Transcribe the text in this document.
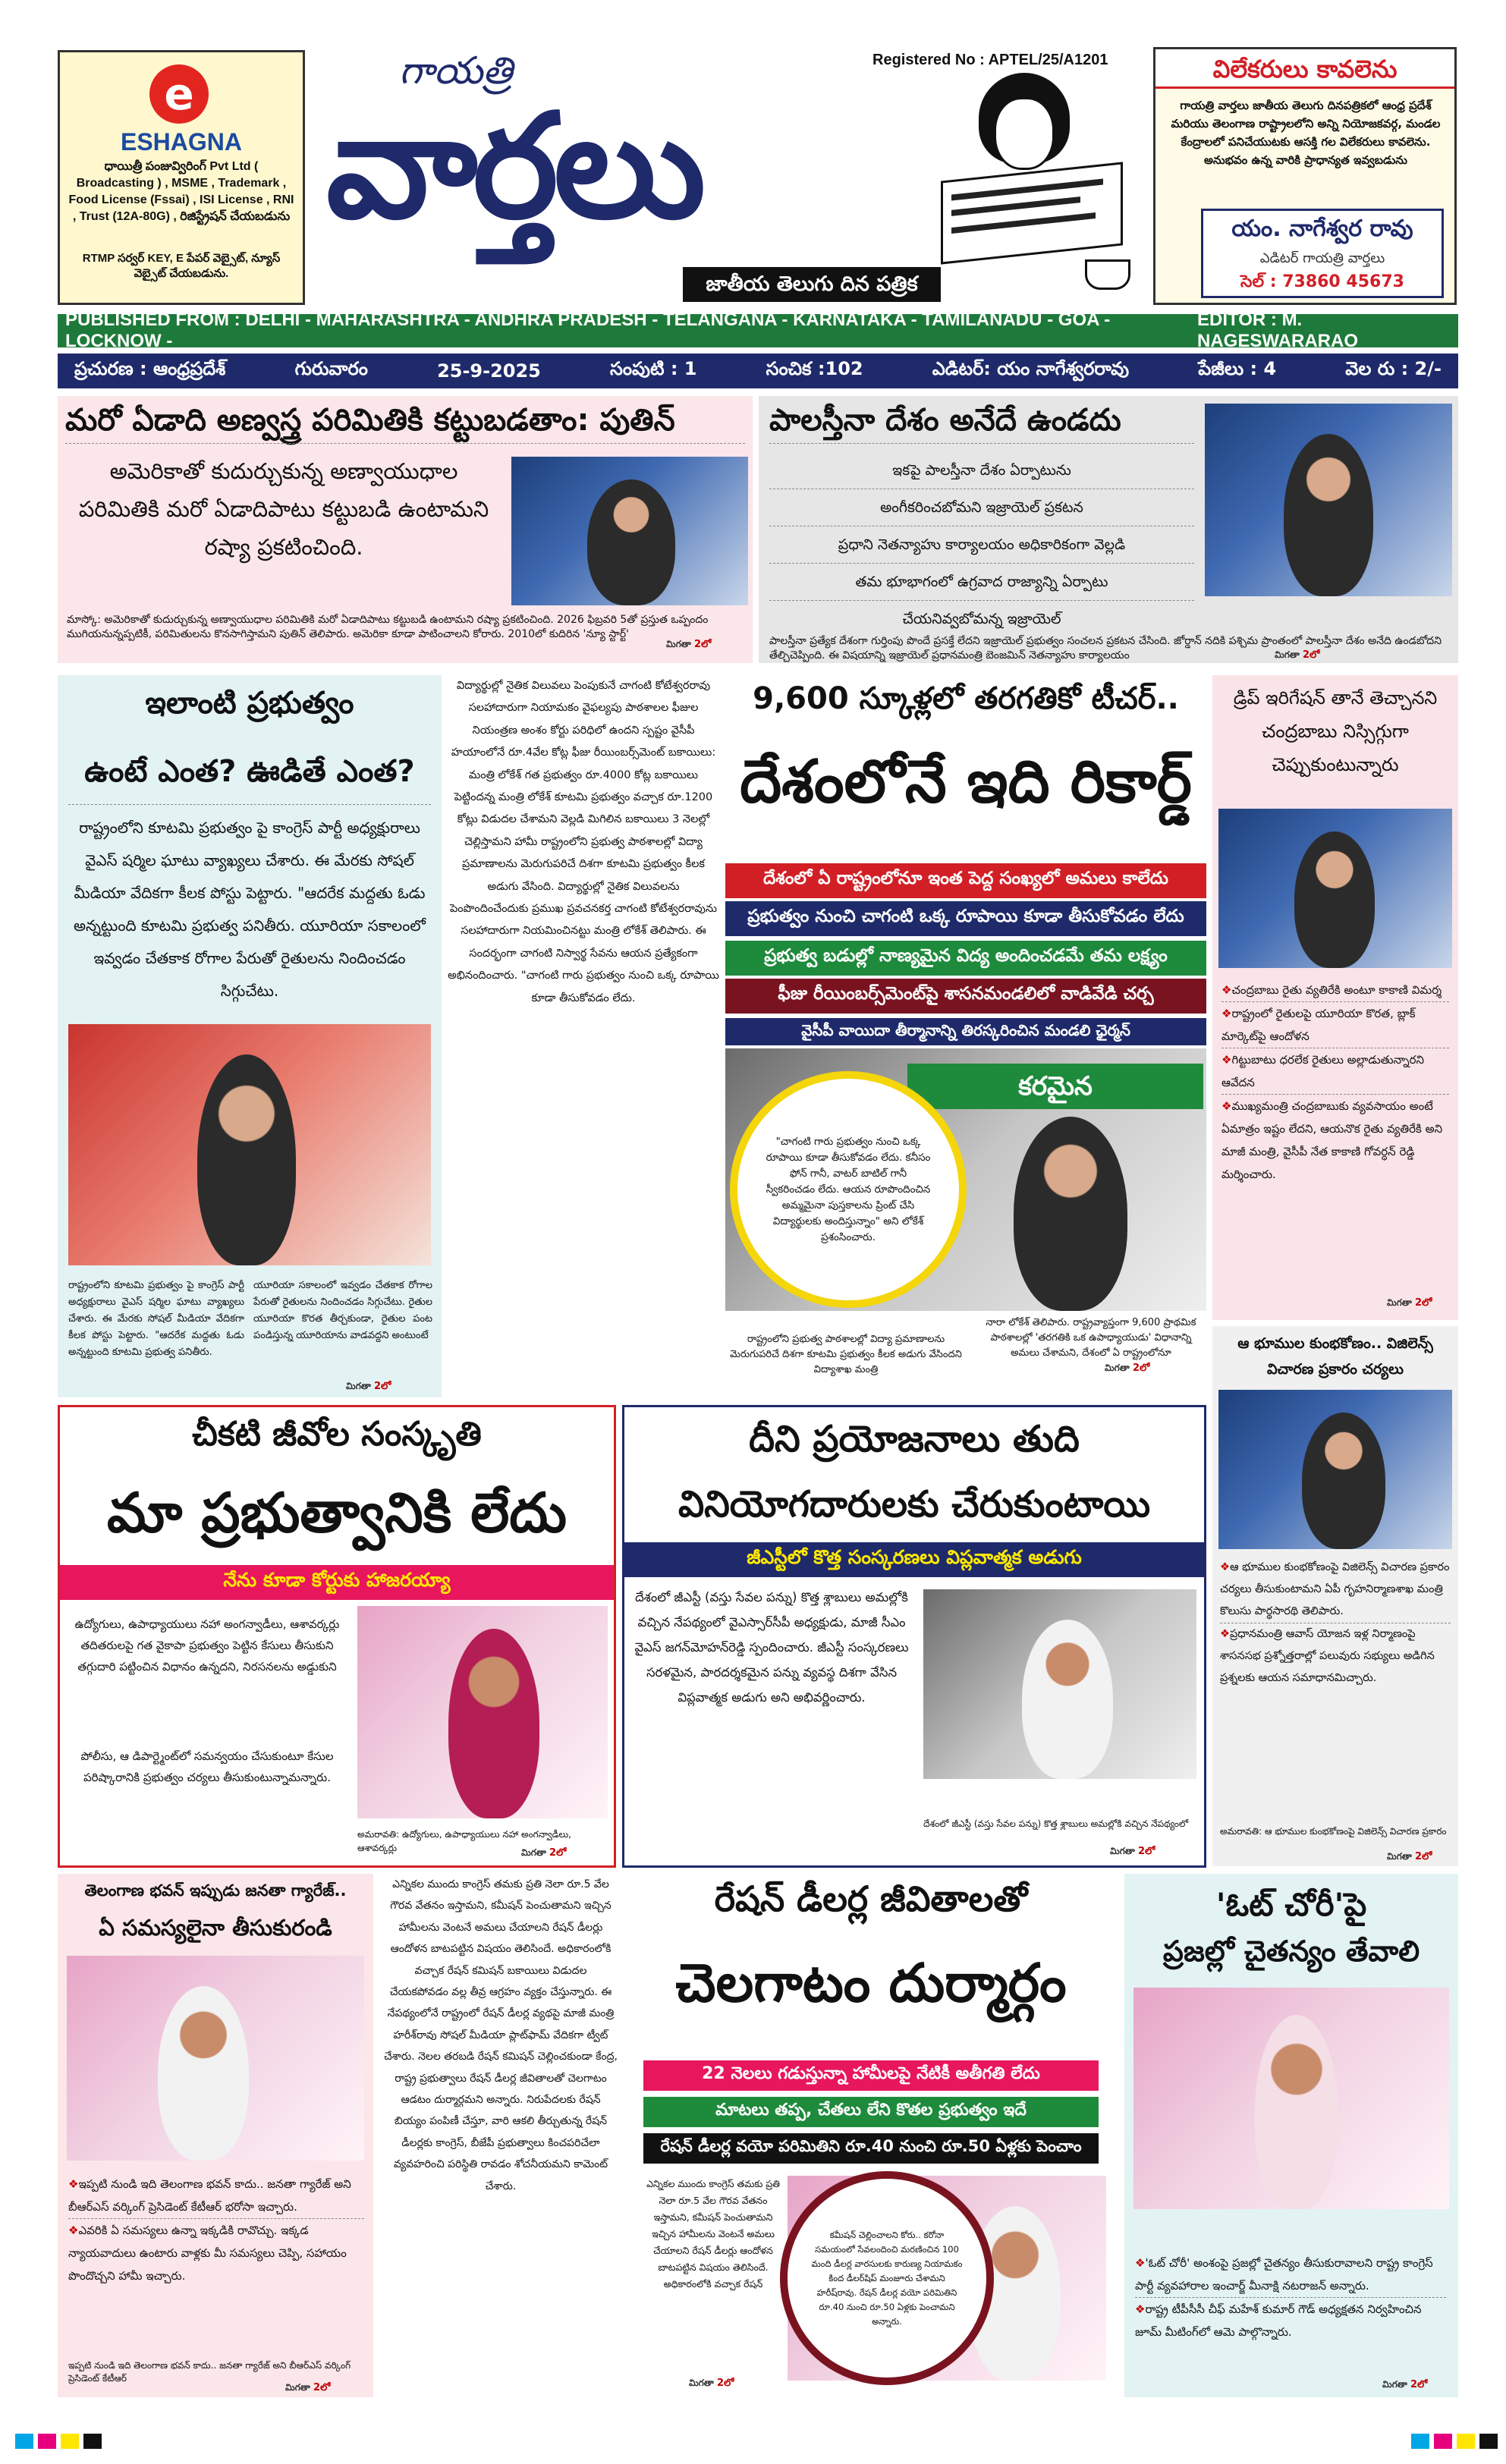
e
ESHAGNA
ధాయిత్రీ పంజువ్విరింగ్ Pvt Ltd ( Broadcasting ) , MSME , Trademark , Food License (Fssai) , ISI License , RNI , Trust (12A-80G) , రిజిస్ట్రేషన్ చేయబడును
RTMP సర్వర్ KEY, E పేపర్ వెబ్సైట్, న్యూస్ వెబ్సైట్ చేయబడును.
గాయత్రి
వార్తలు
Registered No : APTEL/25/A1201
జాతీయ తెలుగు దిన పత్రిక
విలేకరులు కావలెను
గాయత్రి వార్తలు జాతీయ తెలుగు దినపత్రికలో ఆంధ్ర ప్రదేశ్ మరియు తెలంగాణ రాష్ట్రాలలోని అన్ని నియోజకవర్గ, మండల కేంద్రాలలో పనిచేయుటకు ఆసక్తి గల విలేకరులు కావలెను. అనుభవం ఉన్న వారికి ప్రాధాన్యత ఇవ్వబడును
యం. నాగేశ్వర రావు
ఎడిటర్ గాయత్రి వార్తలు
సెల్ : 73860 45673
PUBLISHED FROM : DELHI - MAHARASHTRA - ANDHRA PRADESH - TELANGANA - KARNATAKA - TAMILANADU - GOA - LOCKNOW -
EDITOR : M. NAGESWARARAO
ప్రచురణ : ఆంధ్రప్రదేశ్	గురువారం	25-9-2025	సంపుటి : 1	సంచిక :102	ఎడిటర్: యం నాగేశ్వరరావు	పేజీలు : 4	వెల రు : 2/-
మరో ఏడాది అణ్వస్త్ర పరిమితికి కట్టుబడతాం: పుతిన్
అమెరికాతో కుదుర్చుకున్న అణ్వాయుధాల పరిమితికి మరో ఏడాదిపాటు కట్టుబడి ఉంటామని రష్యా ప్రకటించింది.
మాస్కో: అమెరికాతో కుదుర్చుకున్న అణ్వాయుధాల పరిమితికి మరో ఏడాదిపాటు కట్టుబడి ఉంటామని రష్యా ప్రకటించింది. 2026 ఫిబ్రవరి 5తో ప్రస్తుత ఒప్పందం ముగియనున్నప్పటికీ, పరిమితులను కొనసాగిస్తామని పుతిన్ తెలిపారు. అమెరికా కూడా పాటించాలని కోరారు. 2010లో కుదిరిన 'న్యూ స్టార్ట్'
మిగతా 2లో
పాలస్తీనా దేశం అనేదే ఉండదు
ఇకపై పాలస్తీనా దేశం ఏర్పాటును
అంగీకరించబోమని ఇజ్రాయెల్ ప్రకటన
ప్రధాని నెతన్యాహు కార్యాలయం అధికారికంగా వెల్లడి
తమ భూభాగంలో ఉగ్రవాద రాజ్యాన్ని ఏర్పాటు
చేయనివ్వబోమన్న ఇజ్రాయెల్
పాలస్తీనా ప్రత్యేక దేశంగా గుర్తింపు పొందే ప్రసక్తే లేదని ఇజ్రాయెల్ ప్రభుత్వం సంచలన ప్రకటన చేసింది. జోర్డాన్ నదికి పశ్చిమ ప్రాంతంలో పాలస్తీనా దేశం అనేది ఉండబోదని తేల్చిచెప్పింది. ఈ విషయాన్ని ఇజ్రాయెల్ ప్రధానమంత్రి బెంజమిన్ నెతన్యాహు కార్యాలయం	మిగతా 2లో
ఇలాంటి ప్రభుత్వం
ఉంటే ఎంత? ఊడితే ఎంత?
రాష్ట్రంలోని కూటమి ప్రభుత్వం పై కాంగ్రెస్ పార్టీ అధ్యక్షురాలు వైఎస్ షర్మిల ఘాటు వ్యాఖ్యలు చేశారు. ఈ మేరకు సోషల్ మీడియా వేదికగా కీలక పోస్టు పెట్టారు. "ఆదరేక మద్దతు ఓడు అన్నట్టుంది కూటమి ప్రభుత్వ పనితీరు. యూరియా సకాలంలో ఇవ్వడం చేతకాక రోగాల పేరుతో రైతులను నిందించడం సిగ్గుచేటు.
రాష్ట్రంలోని కూటమి ప్రభుత్వం పై కాంగ్రెస్ పార్టీ అధ్యక్షురాలు వైఎస్ షర్మిల ఘాటు వ్యాఖ్యలు చేశారు. ఈ మేరకు సోషల్ మీడియా వేదికగా కీలక పోస్టు పెట్టారు. "ఆదరేక మద్దతు ఓడు అన్నట్టుంది కూటమి ప్రభుత్వ పనితీరు.
యూరియా సకాలంలో ఇవ్వడం చేతకాక రోగాల పేరుతో రైతులను నిందించడం సిగ్గుచేటు. రైతుల యూరియా కొరత తీర్చకుండా, రైతుల పంట పండిస్తున్న యూరియాను వాడవద్దని అంటుంటే
మిగతా 2లో
విద్యార్థుల్లో నైతిక విలువలు పెంపుకునే చాగంటి కోటేశ్వరరావు సలహాదారుగా నియామకం వైఫల్యపు పాఠశాలల ఫీజుల నియంత్రణ అంశం కోర్టు పరిధిలో ఉందని స్పష్టం వైసీపీ హయాంలోనే రూ.4వేల కోట్ల ఫీజు రీయింబర్స్‌మెంట్ బకాయిలు: మంత్రి లోకేశ్ గత ప్రభుత్వం రూ.4000 కోట్ల బకాయిలు పెట్టిందన్న మంత్రి లోకేశ్ కూటమి ప్రభుత్వం వచ్చాక రూ.1200 కోట్లు విడుదల చేశామని వెల్లడి మిగిలిన బకాయిలు 3 నెలల్లో చెల్లిస్తామని హామీ రాష్ట్రంలోని ప్రభుత్వ పాఠశాలల్లో విద్యా ప్రమాణాలను మెరుగుపరిచే దిశగా కూటమి ప్రభుత్వం కీలక అడుగు వేసింది. విద్యార్థుల్లో నైతిక విలువలను పెంపొందించేందుకు ప్రముఖ ప్రవచనకర్త చాగంటి కోటేశ్వరరావును సలహాదారుగా నియమించినట్టు మంత్రి లోకేశ్ తెలిపారు. ఈ సందర్భంగా చాగంటి నిస్వార్థ సేవను ఆయన ప్రత్యేకంగా అభినందించారు. "చాగంటి గారు ప్రభుత్వం నుంచి ఒక్క రూపాయి కూడా తీసుకోవడం లేదు.
9,600 స్కూళ్లలో తరగతికో టీచర్..
దేశంలోనే ఇది రికార్డ్
దేశంలో ఏ రాష్ట్రంలోనూ ఇంత పెద్ద సంఖ్యలో అమలు కాలేదు
ప్రభుత్వం నుంచి చాగంటి ఒక్క రూపాయి కూడా తీసుకోవడం లేదు
ప్రభుత్వ బడుల్లో నాణ్యమైన విద్య అందించడమే తమ లక్ష్యం
ఫీజు రీయింబర్స్‌మెంట్‌పై శాసనమండలిలో వాడివేడి చర్చ
వైసీపీ వాయిదా తీర్మానాన్ని తిరస్కరించిన మండలి ఛైర్మన్
కరమైన
"చాగంటి గారు ప్రభుత్వం నుంచి ఒక్క రూపాయి కూడా తీసుకోవడం లేదు. కనీసం ఫోన్ గానీ, వాటర్ బాటిల్ గానీ స్వీకరించడం లేదు. ఆయన రూపొందించిన అమ్మమైనా పుస్తకాలను ప్రింట్ చేసి విద్యార్థులకు అందిస్తున్నాం" అని లోకేశ్ ప్రశంసించారు.
రాష్ట్రంలోని ప్రభుత్వ పాఠశాలల్లో విద్యా ప్రమాణాలను మెరుగుపరిచే దిశగా కూటమి ప్రభుత్వం కీలక అడుగు వేసిందని విద్యాశాఖ మంత్రి
నారా లోకేశ్ తెలిపారు. రాష్ట్రవ్యాప్తంగా 9,600 ప్రాథమిక పాఠశాలల్లో 'తరగతికి ఒక ఉపాధ్యాయుడు' విధానాన్ని అమలు చేశామని, దేశంలో ఏ రాష్ట్రంలోనూ
మిగతా 2లో
డ్రిప్ ఇరిగేషన్ తానే తెచ్చానని చంద్రబాబు నిస్సిగ్గుగా చెప్పుకుంటున్నారు
❖చంద్రబాబు రైతు వ్యతిరేకి అంటూ కాకాణి విమర్శ
❖రాష్ట్రంలో రైతులపై యూరియా కొరత, బ్లాక్ మార్కెట్‌పై ఆందోళన
❖గిట్టుబాటు ధరలేక రైతులు అల్లాడుతున్నారని ఆవేదన
❖ముఖ్యమంత్రి చంద్రబాబుకు వ్యవసాయం అంటే ఏమాత్రం ఇష్టం లేదని, ఆయనొక రైతు వ్యతిరేకి అని మాజీ మంత్రి, వైసీపీ నేత కాకాణి గోవర్ధన్ రెడ్డి మర్శించారు.
మిగతా 2లో
ఆ భూముల కుంభకోణం.. విజిలెన్స్ విచారణ ప్రకారం చర్యలు
❖ఆ భూముల కుంభకోణంపై విజిలెన్స్ విచారణ ప్రకారం చర్యలు తీసుకుంటామని ఏపీ గృహనిర్మాణశాఖ మంత్రి కొలుసు పార్థసారథి తెలిపారు.
❖ప్రధానమంత్రి ఆవాస్ యోజన ఇళ్ల నిర్మాణంపై శాసనసభ ప్రశ్నోత్తరాల్లో పలువురు సభ్యులు అడిగిన ప్రశ్నలకు ఆయన సమాధానమిచ్చారు.
అమరావతి: ఆ భూముల కుంభకోణంపై విజిలెన్స్ విచారణ ప్రకారం
మిగతా 2లో
చీకటి జీవోల సంస్కృతి
మా ప్రభుత్వానికి లేదు
నేను కూడా కోర్టుకు హాజరయ్యా
ఉద్యోగులు, ఉపాధ్యాయులు నహా అంగన్వాడీలు, ఆశావర్కర్లు తదితరులపై గత వైకాపా ప్రభుత్వం పెట్టిన కేసులు తీసుకుని తగ్గుదారి పట్టించిన విధానం ఉన్నదని, నిరసనలను అడ్డుకుని
పోలీసు, ఆ డిపార్ట్మెంట్‌లో సమన్వయం చేసుకుంటూ కేసుల పరిష్కారానికి ప్రభుత్వం చర్యలు తీసుకుంటున్నామన్నారు.
అమరావతి: ఉద్యోగులు, ఉపాధ్యాయులు నహా అంగన్వాడీలు, ఆశావర్కర్లు	మిగతా 2లో
దీని ప్రయోజనాలు తుది
వినియోగదారులకు చేరుకుంటాయి
జీఎస్టీలో కొత్త సంస్కరణలు విప్లవాత్మక అడుగు
దేశంలో జీఎస్టీ (వస్తు సేవల పన్ను) కొత్త శ్లాబులు అమల్లోకి వచ్చిన నేపథ్యంలో వైఎస్సార్‌సీపీ అధ్యక్షుడు, మాజీ సీఎం వైఎస్ జగన్‌మోహన్‌రెడ్డి స్పందించారు. జీఎస్టీ సంస్కరణలు సరళమైన, పారదర్శకమైన పన్ను వ్యవస్థ దిశగా వేసిన విప్లవాత్మక అడుగు అని అభివర్ణించారు.
దేశంలో జీఎస్టీ (వస్తు సేవల పన్ను) కొత్త శ్లాబులు అమల్లోకి వచ్చిన నేపథ్యంలో
మిగతా 2లో
తెలంగాణ భవన్ ఇప్పుడు జనతా గ్యారేజ్..
ఏ సమస్యలైనా తీసుకురండి
❖ఇప్పటి నుండి ఇది తెలంగాణ భవన్ కాదు.. జనతా గ్యారేజ్ అని బీఆర్ఎస్ వర్కింగ్ ప్రెసిడెంట్ కేటీఆర్ భరోసా ఇచ్చారు.
❖ఎవరికి ఏ సమస్యలు ఉన్నా ఇక్కడికి రావొచ్చు. ఇక్కడ న్యాయవాదులు ఉంటారు వాళ్లకు మీ సమస్యలు చెప్పి, సహాయం పొందొచ్చని హామీ ఇచ్చారు.
ఇప్పటి నుండి ఇది తెలంగాణ భవన్ కాదు.. జనతా గ్యారేజ్ అని బీఆర్ఎస్ వర్కింగ్ ప్రెసిడెంట్ కేటీఆర్
మిగతా 2లో
ఎన్నికల ముందు కాంగ్రెస్ తమకు ప్రతి నెలా రూ.5 వేల గౌరవ వేతనం ఇస్తామని, కమీషన్ పెంచుతామని ఇచ్చిన హామీలను వెంటనే అమలు చేయాలని రేషన్ డీలర్లు ఆందోళన బాటపట్టిన విషయం తెలిసిందే. అధికారంలోకి వచ్చాక రేషన్ కమిషన్ బకాయిలు విడుదల చేయకపోవడం వల్ల తీవ్ర ఆగ్రహం వ్యక్తం చేస్తున్నారు. ఈ నేపథ్యంలోనే రాష్ట్రంలో రేషన్ డీలర్ల వ్యథపై మాజీ మంత్రి హరీశ్‌రావు సోషల్ మీడియా ప్లాట్‌ఫామ్ వేదికగా ట్వీట్ చేశారు. నెలల తరబడి రేషన్ కమిషన్ చెల్లించకుండా కేంద్ర, రాష్ట్ర ప్రభుత్వాలు రేషన్ డీలర్ల జీవితాలతో చెలగాటం ఆడటం దుర్మార్గమని అన్నారు. నిరుపేదలకు రేషన్ బియ్యం పంపిణీ చేస్తూ, వారి ఆకలి తీర్చుతున్న రేషన్ డీలర్లకు కాంగ్రెస్, బీజేపీ ప్రభుత్వాలు కించపరిచేలా వ్యవహరించి పరిస్థితి రావడం శోచనీయమని కామెంట్ చేశారు.
రేషన్ డీలర్ల జీవితాలతో
చెలగాటం దుర్మార్గం
22 నెలలు గడుస్తున్నా హామీలపై నేటికీ అతీగతి లేదు
మాటలు తప్ప, చేతలు లేని కొతల ప్రభుత్వం ఇదే
రేషన్ డీలర్ల వయో పరిమితిని రూ.40 నుంచి రూ.50 ఏళ్లకు పెంచాం
ఎన్నికల ముందు కాంగ్రెస్ తమకు ప్రతి నెలా రూ.5 వేల గౌరవ వేతనం ఇస్తామని, కమీషన్ పెంచుతామని ఇచ్చిన హామీలను వెంటనే అమలు చేయాలని రేషన్ డీలర్లు ఆందోళన బాటపట్టిన విషయం తెలిసిందే. అధికారంలోకి వచ్చాక రేషన్
కమీషన్ చెల్లించాలని కోరు.. కరోనా సమయంలో సేవలందించి మరణించిన 100 మంది డీలర్ల వారసులకు కారుణ్య నియామకం కింద డీలర్‌షిప్ మంజూరు చేశామని హరీష్‌రావు. రేషన్ డీలర్ల వయో పరిమితిని రూ.40 నుంచి రూ.50 ఏళ్లకు పెంచామని అన్నారు.
మిగతా 2లో
'ఓట్ చోరీ'పై
ప్రజల్లో చైతన్యం తేవాలి
❖'ఓట్ చోరీ' అంశంపై ప్రజల్లో చైతన్యం తీసుకురావాలని రాష్ట్ర కాంగ్రెస్ పార్టీ వ్యవహారాల ఇంచార్జ్ మీనాక్షి నటరాజన్ అన్నారు.
❖రాష్ట్ర టీపీసీసీ చీఫ్ మహేశ్ కుమార్ గౌడ్ అధ్యక్షతన నిర్వహించిన జూమ్ మీటింగ్‌లో ఆమె పాల్గొన్నారు.
మిగతా 2లో
